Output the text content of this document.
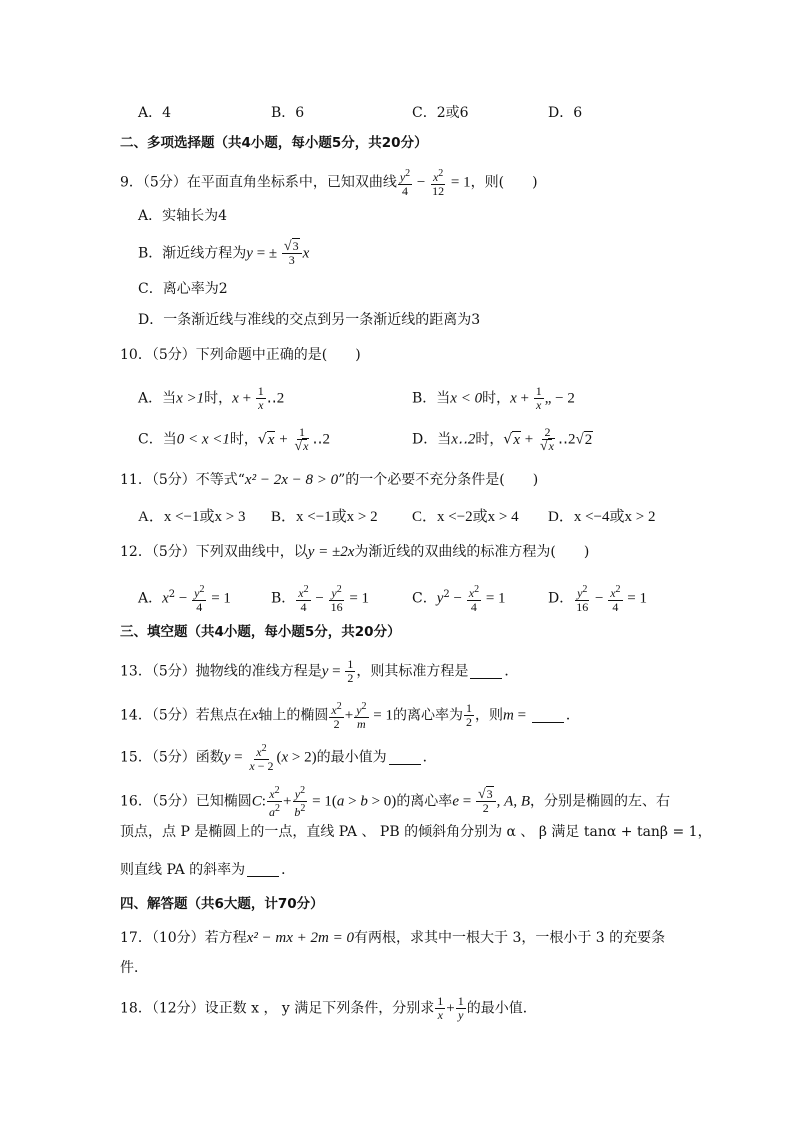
A．4	B．6	C．2或6	D．6
二、多项选择题（共4小题，每小题5分，共20分）
9．（5分）在平面直角坐标系中，已知双曲线 $\frac{y^2}{4} - \frac{x^2}{12} = 1$，则(　　)
A．实轴长为4
B．渐近线方程为y = ± $\frac{√3}{3}$ x
C．离心率为2
D．一条渐近线与准线的交点到另一条渐近线的距离为3
10．（5分）下列命题中正确的是(　　)
A．当x >1时，$x + \frac{1}{x}$ ‥2	B．当x < 0时，$x + \frac{1}{x}$ „ − 2
C．当0 < x <1时，$√x + \frac{1}{√x}$ ‥2	D．当x‥2时，$√x + \frac{2}{√x}$ ‥2√2
11．（5分）不等式“x² − 2x − 8 > 0”的一个必要不充分条件是(　　)
A．x <−1或x > 3 B．x <−1或x > 2 C．x <−2或x > 4 D．x <−4或x > 2
12．（5分）下列双曲线中，以y = ±2x为渐近线的双曲线的标准方程为(　　)
A．$x^2 - \frac{y^2}{4} = 1$	B． $\frac{x^2}{4} - \frac{y^2}{16} = 1$	C．$y^2 - \frac{x^2}{4} = 1$	D． $\frac{y^2}{16} - \frac{x^2}{4} = 1$
三、填空题（共4小题，每小题5分，共20分）
13．（5分）抛物线的准线方程是$y = \frac{1}{2}$ ，则其标准方程是	．
14．（5分）若焦点在x轴上的椭圆 $\frac{x^2}{2} + \frac{y^2}{m} = 1$的离心率为 $\frac{1}{2}$ ，则m =	．
15．（5分）函数$y = \frac{x^2}{x - 2} (x > 2)$的最小值为	．
16．（5分）已知椭圆C: $\frac{x^2}{a^2} + \frac{y^2}{b^2} = 1(a > b > 0)$的离心率$e = \frac{√3}{2}$ , A, B，分别是椭圆的左、右
顶点，点 P 是椭圆上的一点，直线 PA 、 PB 的倾斜角分别为 α 、 β 满足 tanα + tanβ = 1，
则直线 PA 的斜率为	．
四、解答题（共6大题，计70分）
17．（10分）若方程x² − mx + 2m = 0有两根，求其中一根大于 3，一根小于 3 的充要条
件．
18．（12分）设正数 x ， y 满足下列条件，分别求 $\frac{1}{x} + \frac{1}{y}$ 的最小值．
